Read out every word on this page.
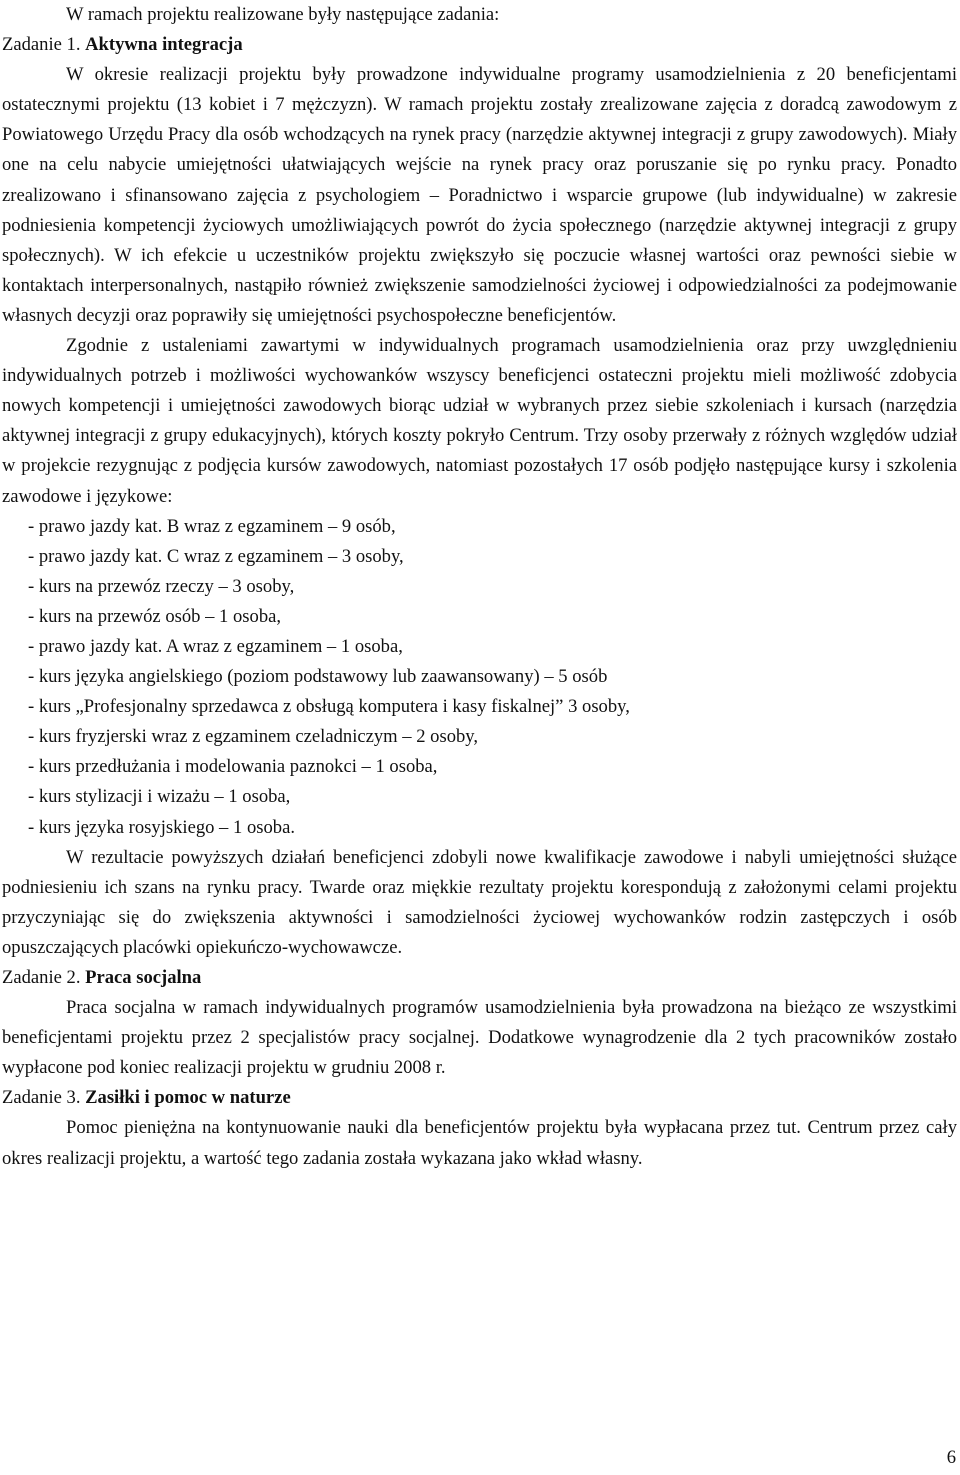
W ramach projektu realizowane były następujące zadania:

Zadanie 1. Aktywna integracja

W okresie realizacji projektu były prowadzone indywidualne programy usamodzielnienia z 20 beneficjentami ostatecznymi projektu (13 kobiet i 7 mężczyzn). W ramach projektu zostały zrealizowane zajęcia z doradcą zawodowym z Powiatowego Urzędu Pracy dla osób wchodzących na rynek pracy (narzędzie aktywnej integracji z grupy zawodowych). Miały one na celu nabycie umiejętności ułatwiających wejście na rynek pracy oraz poruszanie się po rynku pracy. Ponadto zrealizowano i sfinansowano zajęcia z psychologiem – Poradnictwo i wsparcie grupowe (lub indywidualne) w zakresie podniesienia kompetencji życiowych umożliwiających powrót do życia społecznego (narzędzie aktywnej integracji z grupy społecznych). W ich efekcie u uczestników projektu zwiększyło się poczucie własnej wartości oraz pewności siebie w kontaktach interpersonalnych, nastąpiło również zwiększenie samodzielności życiowej i odpowiedzialności za podejmowanie własnych decyzji oraz poprawiły się umiejętności psychospołeczne beneficjentów.

Zgodnie z ustaleniami zawartymi w indywidualnych programach usamodzielnienia oraz przy uwzględnieniu indywidualnych potrzeb i możliwości wychowanków wszyscy beneficjenci ostateczni projektu mieli możliwość zdobycia nowych kompetencji i umiejętności zawodowych biorąc udział w wybranych przez siebie szkoleniach i kursach (narzędzia aktywnej integracji z grupy edukacyjnych), których koszty pokryło Centrum. Trzy osoby przerwały z różnych względów udział w projekcie rezygnując z podjęcia kursów zawodowych, natomiast pozostałych 17 osób podjęło następujące kursy i szkolenia zawodowe i językowe:

- prawo jazdy kat. B wraz z egzaminem – 9 osób,
- prawo jazdy kat. C wraz z egzaminem – 3 osoby,
- kurs na przewóz rzeczy – 3 osoby,
- kurs na przewóz osób – 1 osoba,
- prawo jazdy kat. A wraz z egzaminem – 1 osoba,
- kurs języka angielskiego (poziom podstawowy lub zaawansowany) – 5 osób
- kurs „Profesjonalny sprzedawca z obsługą komputera i kasy fiskalnej” 3 osoby,
- kurs fryzjerski wraz z egzaminem czeladniczym – 2 osoby,
- kurs przedłużania i modelowania paznokci – 1 osoba,
- kurs stylizacji i wizażu – 1 osoba,
- kurs języka rosyjskiego – 1 osoba.

W rezultacie powyższych działań beneficjenci zdobyli nowe kwalifikacje zawodowe i nabyli umiejętności służące podniesieniu ich szans na rynku pracy. Twarde oraz miękkie rezultaty projektu korespondują z założonymi celami projektu przyczyniając się do zwiększenia aktywności i samodzielności życiowej wychowanków rodzin zastępczych i osób opuszczających placówki opiekuńczo-wychowawcze.

Zadanie 2. Praca socjalna

Praca socjalna w ramach indywidualnych programów usamodzielnienia była prowadzona na bieżąco ze wszystkimi beneficjentami projektu przez 2 specjalistów pracy socjalnej. Dodatkowe wynagrodzenie dla 2 tych pracowników zostało wypłacone pod koniec realizacji projektu w grudniu 2008 r.

Zadanie 3. Zasiłki i pomoc w naturze

Pomoc pieniężna na kontynuowanie nauki dla beneficjentów projektu była wypłacana przez tut. Centrum przez cały okres realizacji projektu, a wartość tego zadania została wykazana jako wkład własny.

6
